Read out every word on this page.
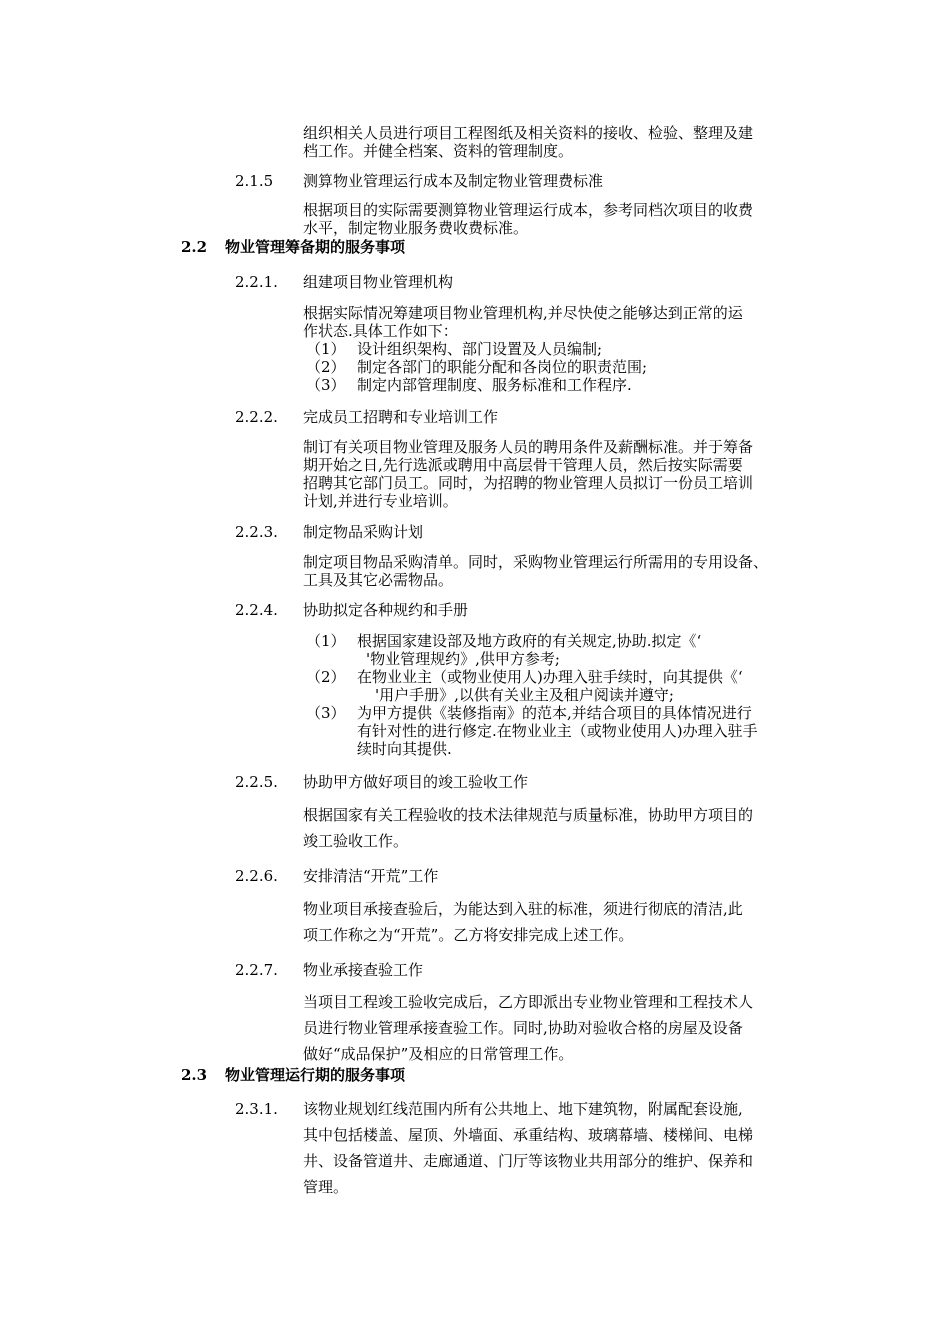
组织相关人员进行项目工程图纸及相关资料的接收、检验、整理及建
档工作。并健全档案、资料的管理制度。
2.1.5 测算物业管理运行成本及制定物业管理费标准
根据项目的实际需要测算物业管理运行成本，参考同档次项目的收费
水平，制定物业服务费收费标准。
2.2 物业管理筹备期的服务事项
2.2.1. 组建项目物业管理机构
根据实际情况筹建项目物业管理机构,并尽快使之能够达到正常的运
作状态.具体工作如下：
（1） 设计组织架构、部门设置及人员编制;
（2） 制定各部门的职能分配和各岗位的职责范围;
（3） 制定内部管理制度、服务标准和工作程序.
2.2.2. 完成员工招聘和专业培训工作
制订有关项目物业管理及服务人员的聘用条件及薪酬标准。并于筹备
期开始之日,先行选派或聘用中高层骨干管理人员，然后按实际需要
招聘其它部门员工。同时，为招聘的物业管理人员拟订一份员工培训
计划,并进行专业培训。
2.2.3. 制定物品采购计划
制定项目物品采购清单。同时，采购物业管理运行所需用的专用设备、
工具及其它必需物品。
2.2.4. 协助拟定各种规约和手册
（1） 根据国家建设部及地方政府的有关规定,协助.拟定《‘
'物业管理规约》,供甲方参考;
（2） 在物业业主（或物业使用人)办理入驻手续时，向其提供《‘
'用户手册》,以供有关业主及租户阅读并遵守;
（3） 为甲方提供《装修指南》的范本,并结合项目的具体情况进行
有针对性的进行修定.在物业业主（或物业使用人)办理入驻手
续时向其提供.
2.2.5. 协助甲方做好项目的竣工验收工作
根据国家有关工程验收的技术法律规范与质量标准，协助甲方项目的
竣工验收工作。
2.2.6. 安排清洁“开荒”工作
物业项目承接查验后，为能达到入驻的标准，须进行彻底的清洁,此
项工作称之为“开荒”。乙方将安排完成上述工作。
2.2.7. 物业承接查验工作
当项目工程竣工验收完成后，乙方即派出专业物业管理和工程技术人
员进行物业管理承接查验工作。同时,协助对验收合格的房屋及设备
做好“成品保护”及相应的日常管理工作。
2.3 物业管理运行期的服务事项
2.3.1. 该物业规划红线范围内所有公共地上、地下建筑物，附属配套设施,
其中包括楼盖、屋顶、外墙面、承重结构、玻璃幕墙、楼梯间、电梯
井、设备管道井、走廊通道、门厅等该物业共用部分的维护、保养和
管理。
